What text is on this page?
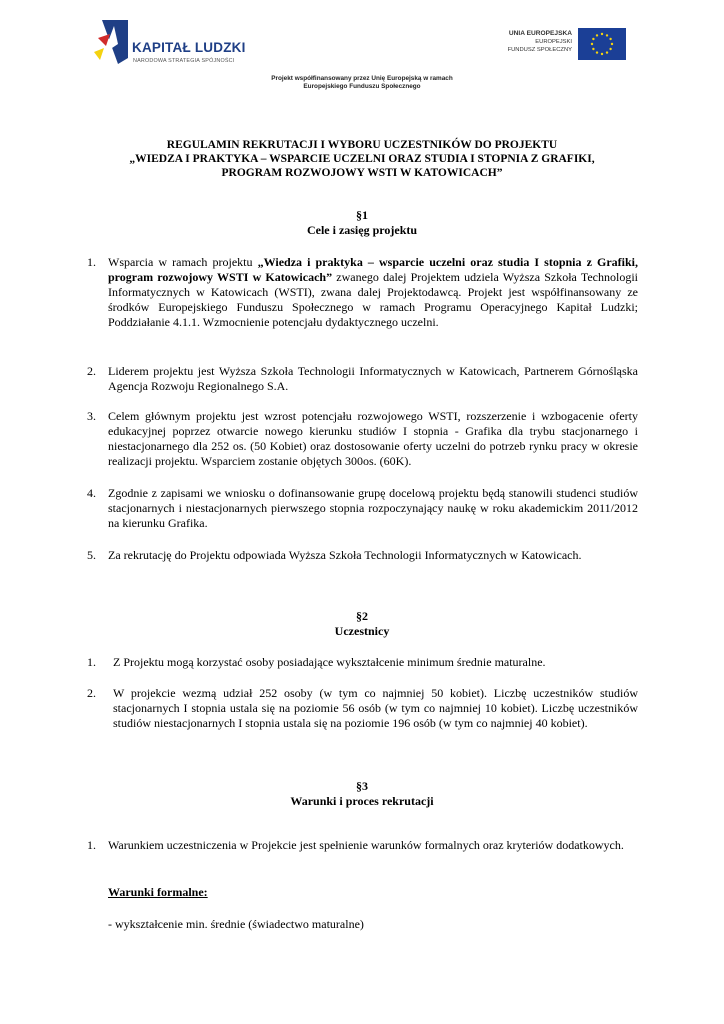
KAPITAŁ LUDZKI
NARODOWA STRATEGIA SPÓJNOŚCI
UNIA EUROPEJSKA
EUROPEJSKI
FUNDUSZ SPOŁECZNY
Projekt współfinansowany przez Unię Europejską w ramach
Europejskiego Funduszu Społecznego
REGULAMIN REKRUTACJI I WYBORU UCZESTNIKÓW DO PROJEKTU
„WIEDZA I PRAKTYKA – WSPARCIE UCZELNI ORAZ STUDIA I STOPNIA Z GRAFIKI,
PROGRAM ROZWOJOWY WSTI W KATOWICACH”
§1
Cele i zasięg projektu
1. Wsparcia w ramach projektu „Wiedza i praktyka – wsparcie uczelni oraz studia I stopnia z Grafiki, program rozwojowy WSTI w Katowicach” zwanego dalej Projektem udziela Wyższa Szkoła Technologii Informatycznych w Katowicach (WSTI), zwana dalej Projektodawcą. Projekt jest współfinansowany ze środków Europejskiego Funduszu Społecznego w ramach Programu Operacyjnego Kapitał Ludzki; Poddziałanie 4.1.1. Wzmocnienie potencjału dydaktycznego uczelni.
2. Liderem projektu jest Wyższa Szkoła Technologii Informatycznych w Katowicach, Partnerem Górnośląska Agencja Rozwoju Regionalnego S.A.
3. Celem głównym projektu jest wzrost potencjału rozwojowego WSTI, rozszerzenie i wzbogacenie oferty edukacyjnej poprzez otwarcie nowego kierunku studiów I stopnia - Grafika dla trybu stacjonarnego i niestacjonarnego dla 252 os. (50 Kobiet) oraz dostosowanie oferty uczelni do potrzeb rynku pracy w okresie realizacji projektu. Wsparciem zostanie objętych 300os. (60K).
4. Zgodnie z zapisami we wniosku o dofinansowanie grupę docelową projektu będą stanowili studenci studiów stacjonarnych i niestacjonarnych pierwszego stopnia rozpoczynający naukę w roku akademickim 2011/2012 na kierunku Grafika.
5. Za rekrutację do Projektu odpowiada Wyższa Szkoła Technologii Informatycznych w Katowicach.
§2
Uczestnicy
1. Z Projektu mogą korzystać osoby posiadające wykształcenie minimum średnie maturalne.
2. W projekcie wezmą udział 252 osoby (w tym co najmniej 50 kobiet). Liczbę uczestników studiów stacjonarnych I stopnia ustala się na poziomie 56 osób (w tym co najmniej 10 kobiet). Liczbę uczestników studiów niestacjonarnych I stopnia ustala się na poziomie 196 osób (w tym co najmniej 40 kobiet).
§3
Warunki i proces rekrutacji
1. Warunkiem uczestniczenia w Projekcie jest spełnienie warunków formalnych oraz kryteriów dodatkowych.
Warunki formalne:
- wykształcenie min. średnie (świadectwo maturalne)
